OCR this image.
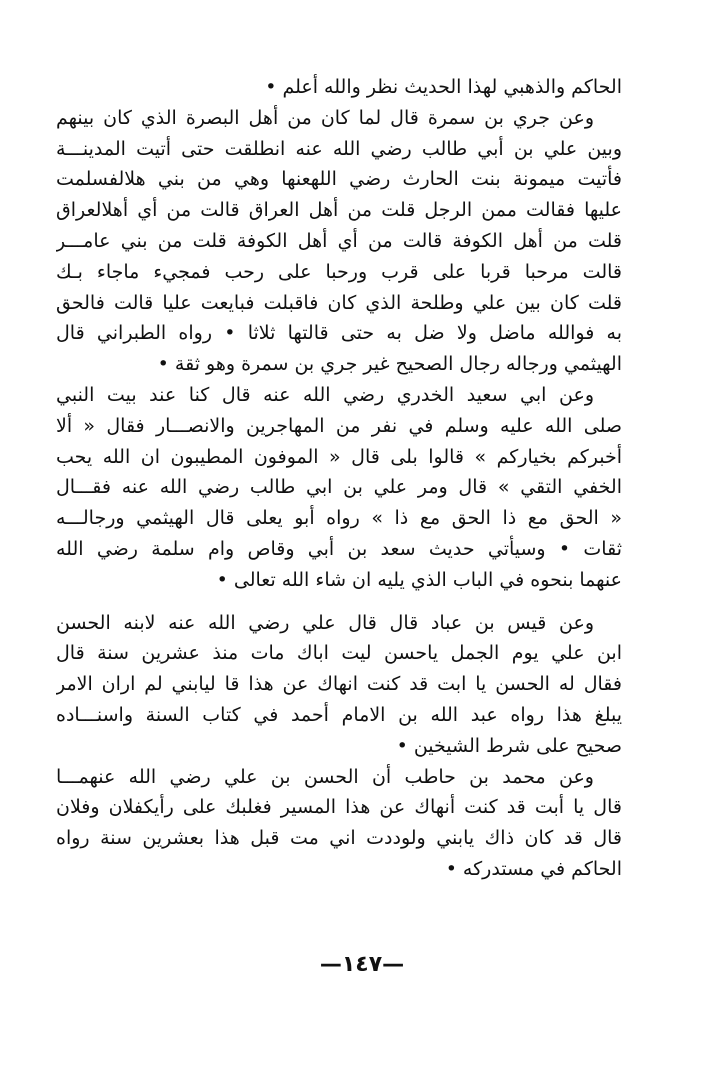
الحاكم والذهبي لهذا الحديث نظر والله أعلم •
وعن جري بن سمرة قال لما كان من أهل البصرة الذي كان بينهم
وبين علي بن أبي طالب رضي الله عنه انطلقت حتى أتيت المدينـــة
فأتيت ميمونة بنت الحارث رضي اللهعنها وهي من بني هلالفسلمت
عليها فقالت ممن الرجل قلت من أهل العراق قالت من أي أهلالعراق
قلت من أهل الكوفة قالت من أي أهل الكوفة قلت من بني عامـــر
قالت مرحبا قربا على قرب ورحبا على رحب فمجيء ماجاء بـك
قلت كان بين علي وطلحة الذي كان فاقبلت فبايعت عليا قالت فالحق
به فوالله ماضل ولا ضل به حتى قالتها ثلاثا • رواه الطبراني قال
الهيثمي ورجاله رجال الصحيح غير جري بن سمرة وهو ثقة •
وعن ابي سعيد الخدري رضي الله عنه قال كنا عند بيت النبي
صلى الله عليه وسلم في نفر من المهاجرين والانصـــار فقال « ألا
أخبركم بخياركم » قالوا بلى قال « الموفون المطيبون ان الله يحب
الخفي التقي » قال ومر علي بن ابي طالب رضي الله عنه فقـــال
« الحق مع ذا الحق مع ذا » رواه أبو يعلى قال الهيثمي ورجالـــه
ثقات • وسيأتي حديث سعد بن أبي وقاص وام سلمة رضي الله
عنهما بنحوه في الباب الذي يليه ان شاء الله تعالى •
وعن قيس بن عباد قال قال علي رضي الله عنه لابنه الحسن
ابن علي يوم الجمل ياحسن ليت اباك مات منذ عشرين سنة قال
فقال له الحسن يا ابت قد كنت انهاك عن هذا قا ليابني لم اران الامر
يبلغ هذا رواه عبد الله بن الامام أحمد في كتاب السنة واسنـــاده
صحيح على شرط الشيخين •
وعن محمد بن حاطب أن الحسن بن علي رضي الله عنهمـــا
قال يا أبت قد كنت أنهاك عن هذا المسير فغلبك على رأيكفلان وفلان
قال قد كان ذاك يابني ولوددت اني مت قبل هذا بعشرين سنة رواه
الحاكم في مستدركه •
—١٤٧—
